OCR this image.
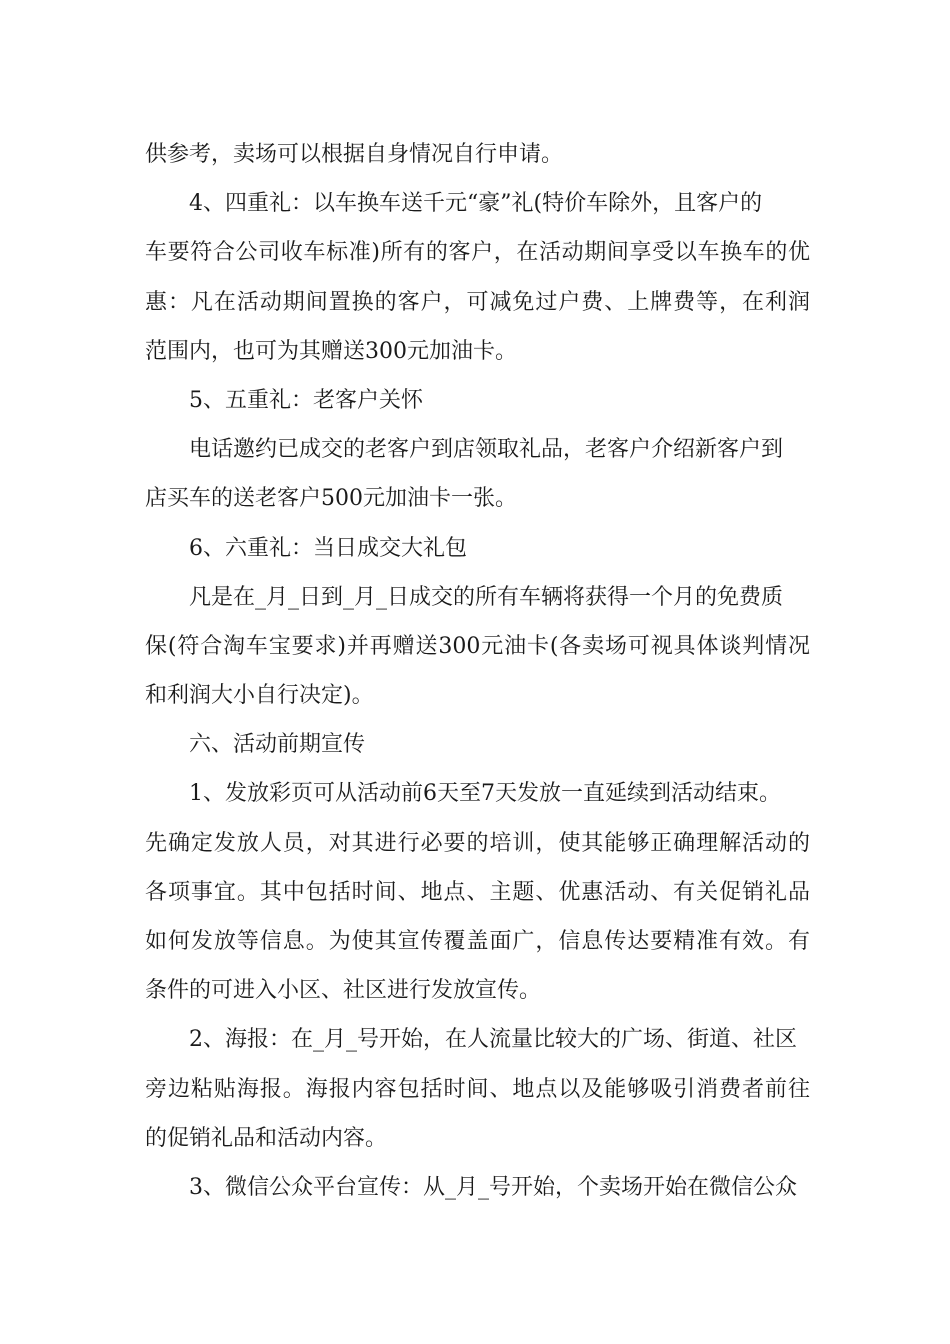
供参考，卖场可以根据自身情况自行申请。
4、四重礼：以车换车送千元“豪”礼(特价车除外，且客户的
车要符合公司收车标准)所有的客户，在活动期间享受以车换车的优
惠：凡在活动期间置换的客户，可减免过户费、上牌费等，在利润
范围内，也可为其赠送300元加油卡。
5、五重礼：老客户关怀
电话邀约已成交的老客户到店领取礼品，老客户介绍新客户到
店买车的送老客户500元加油卡一张。
6、六重礼：当日成交大礼包
凡是在_月_日到_月_日成交的所有车辆将获得一个月的免费质
保(符合淘车宝要求)并再赠送300元油卡(各卖场可视具体谈判情况
和利润大小自行决定)。
六、活动前期宣传
1、发放彩页可从活动前6天至7天发放一直延续到活动结束。
先确定发放人员，对其进行必要的培训，使其能够正确理解活动的
各项事宜。其中包括时间、地点、主题、优惠活动、有关促销礼品
如何发放等信息。为使其宣传覆盖面广，信息传达要精准有效。有
条件的可进入小区、社区进行发放宣传。
2、海报：在_月_号开始，在人流量比较大的广场、街道、社区
旁边粘贴海报。海报内容包括时间、地点以及能够吸引消费者前往
的促销礼品和活动内容。
3、微信公众平台宣传：从_月_号开始，个卖场开始在微信公众
